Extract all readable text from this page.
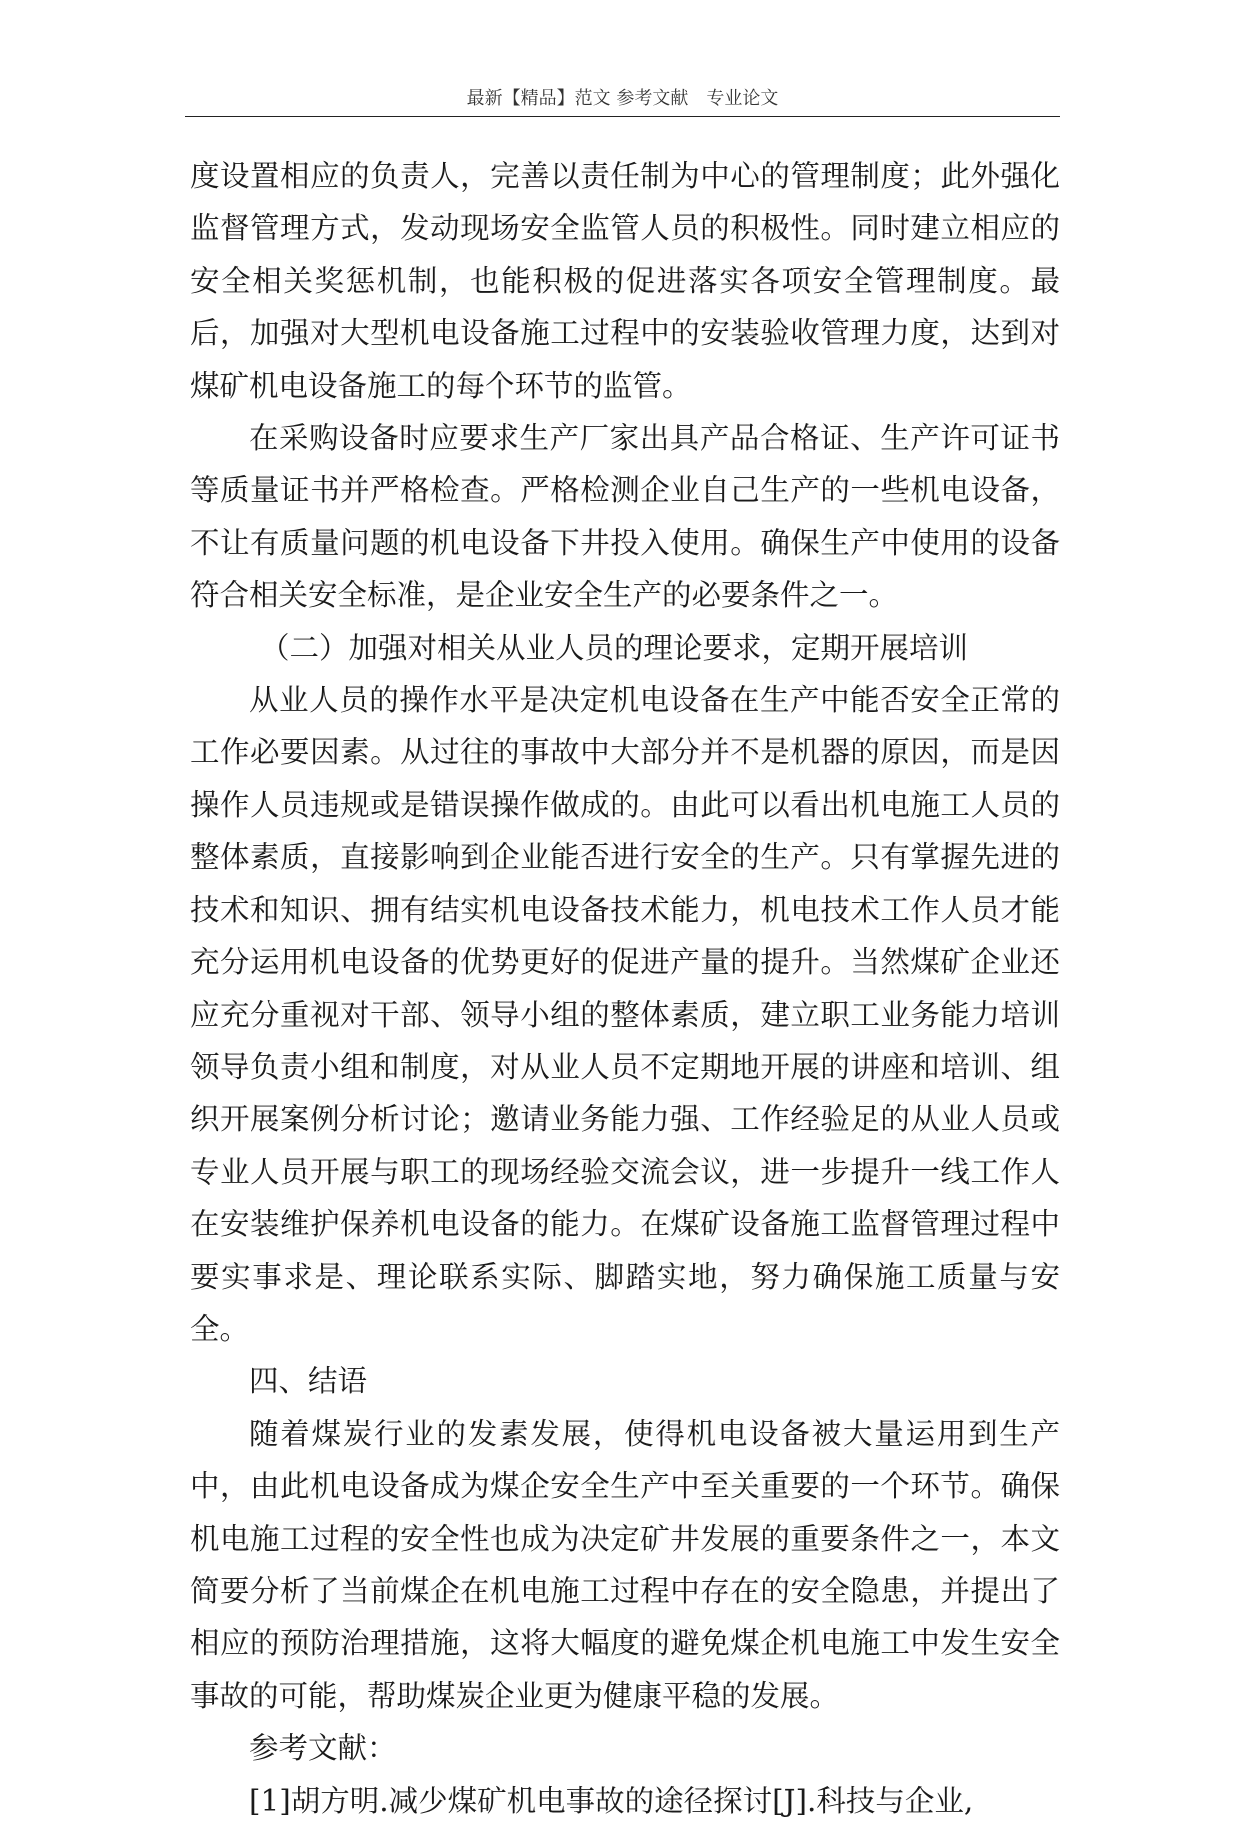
最新【精品】范文 参考文献　专业论文

度设置相应的负责人，完善以责任制为中心的管理制度；此外强化监督管理方式，发动现场安全监管人员的积极性。同时建立相应的安全相关奖惩机制，也能积极的促进落实各项安全管理制度。最后，加强对大型机电设备施工过程中的安装验收管理力度，达到对煤矿机电设备施工的每个环节的监管。

在采购设备时应要求生产厂家出具产品合格证、生产许可证书等质量证书并严格检查。严格检测企业自己生产的一些机电设备，不让有质量问题的机电设备下井投入使用。确保生产中使用的设备符合相关安全标准，是企业安全生产的必要条件之一。

（二）加强对相关从业人员的理论要求，定期开展培训

从业人员的操作水平是决定机电设备在生产中能否安全正常的工作必要因素。从过往的事故中大部分并不是机器的原因，而是因操作人员违规或是错误操作做成的。由此可以看出机电施工人员的整体素质，直接影响到企业能否进行安全的生产。只有掌握先进的技术和知识、拥有结实机电设备技术能力，机电技术工作人员才能充分运用机电设备的优势更好的促进产量的提升。当然煤矿企业还应充分重视对干部、领导小组的整体素质，建立职工业务能力培训领导负责小组和制度，对从业人员不定期地开展的讲座和培训、组织开展案例分析讨论；邀请业务能力强、工作经验足的从业人员或专业人员开展与职工的现场经验交流会议，进一步提升一线工作人在安装维护保养机电设备的能力。在煤矿设备施工监督管理过程中要实事求是、理论联系实际、脚踏实地，努力确保施工质量与安全。

四、结语

随着煤炭行业的发素发展，使得机电设备被大量运用到生产中，由此机电设备成为煤企安全生产中至关重要的一个环节。确保机电施工过程的安全性也成为决定矿井发展的重要条件之一，本文简要分析了当前煤企在机电施工过程中存在的安全隐患，并提出了相应的预防治理措施，这将大幅度的避免煤企机电施工中发生安全事故的可能，帮助煤炭企业更为健康平稳的发展。

参考文献：

[1]胡方明.减少煤矿机电事故的途径探讨[J].科技与企业,
